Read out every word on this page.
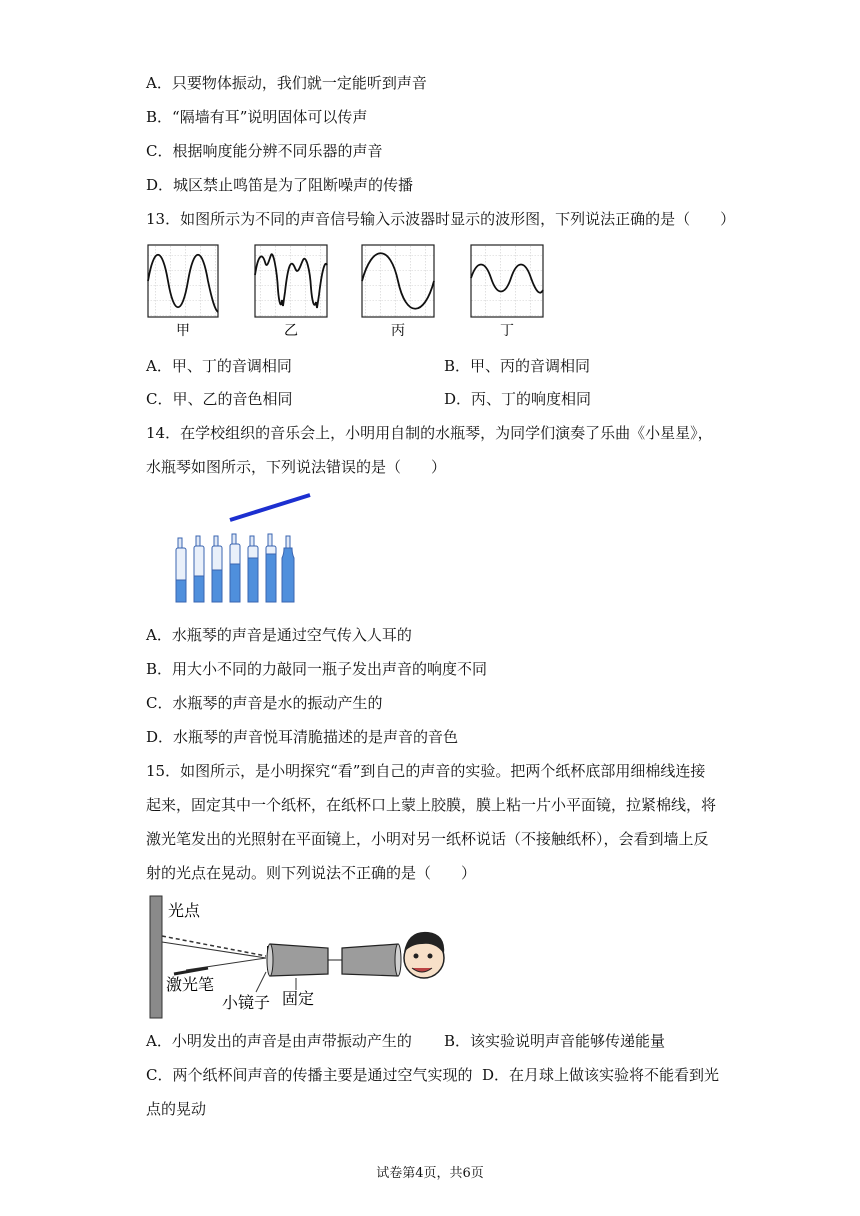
A．只要物体振动，我们就一定能听到声音
B．“隔墙有耳”说明固体可以传声
C．根据响度能分辨不同乐器的声音
D．城区禁止鸣笛是为了阻断噪声的传播
13．如图所示为不同的声音信号输入示波器时显示的波形图，下列说法正确的是（　　）
甲	乙	丙	丁
A．甲、丁的音调相同	B．甲、丙的音调相同
C．甲、乙的音色相同	D．丙、丁的响度相同
14．在学校组织的音乐会上，小明用自制的水瓶琴，为同学们演奏了乐曲《小星星》，
水瓶琴如图所示，下列说法错误的是（　　）
A．水瓶琴的声音是通过空气传入人耳的
B．用大小不同的力敲同一瓶子发出声音的响度不同
C．水瓶琴的声音是水的振动产生的
D．水瓶琴的声音悦耳清脆描述的是声音的音色
15．如图所示，是小明探究“看”到自己的声音的实验。把两个纸杯底部用细棉线连接
起来，固定其中一个纸杯，在纸杯口上蒙上胶膜，膜上粘一片小平面镜，拉紧棉线，将
激光笔发出的光照射在平面镜上，小明对另一纸杯说话（不接触纸杯），会看到墙上反
射的光点在晃动。则下列说法不正确的是（　　）
光点
激光笔
小镜子 固定
A．小明发出的声音是由声带振动产生的 B．该实验说明声音能够传递能量
C．两个纸杯间声音的传播主要是通过空气实现的 D．在月球上做该实验将不能看到光
点的晃动
试卷第4页，共6页
